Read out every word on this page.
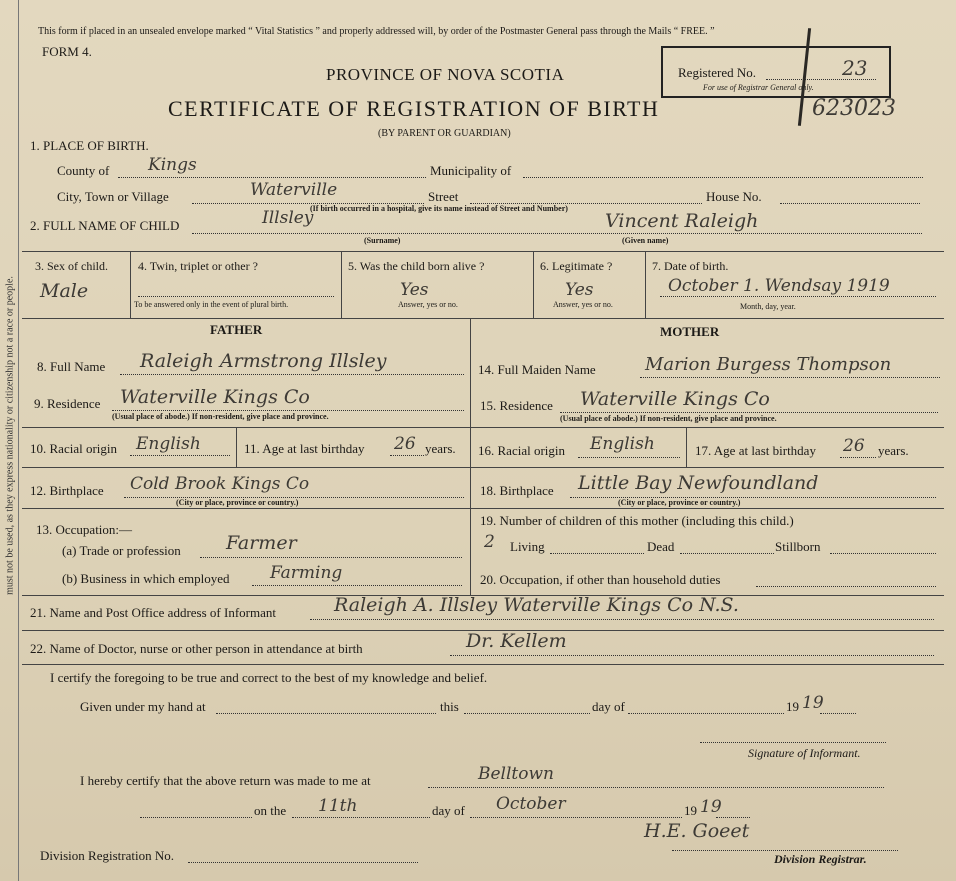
must not be used, as they express nationality or citizenship not a race or people.
This form if placed in an unsealed envelope marked “ Vital Statistics ” and properly addressed will, by order of the Postmaster General pass through the Mails “ FREE. ”
FORM 4.
PROVINCE OF NOVA SCOTIA
CERTIFICATE OF REGISTRATION OF BIRTH
(BY PARENT OR GUARDIAN)
Registered No.	23
For use of Registrar General only.
623023
1. PLACE OF BIRTH.
County of Kings	Municipality of
City, Town or Village	Waterville	Street	House No.
(If birth occurred in a hospital, give its name instead of Street and Number)
2. FULL NAME OF CHILD	Illsley	Vincent Raleigh
(Surname)	(Given name)
3. Sex of child.
Male
4. Twin, triplet or other ?
To be answered only in the event of plural birth.
5. Was the child born alive ?
Yes
Answer, yes or no.
6. Legitimate ?
Yes
Answer, yes or no.
7. Date of birth.
October 1. Wendsay 1919
Month, day, year.
FATHER	MOTHER
8. Full Name Raleigh Armstrong Illsley
9. Residence Waterville Kings Co
(Usual place of abode.) If non-resident, give place and province.
10. Racial origin English	11. Age at last birthday 26 years.
12. Birthplace Cold Brook Kings Co
(City or place, province or country.)
13. Occupation:—
(a) Trade or profession Farmer
(b) Business in which employed Farming
14. Full Maiden Name	Marion Burgess Thompson
15. Residence Waterville Kings Co
(Usual place of abode.) If non-resident, give place and province.
16. Racial origin English	17. Age at last birthday 26 years.
18. Birthplace Little Bay Newfoundland
(City or place, province or country.)
19. Number of children of this mother (including this child.)
2 Living	Dead	Stillborn
20. Occupation, if other than household duties
21. Name and Post Office address of Informant	Raleigh A. Illsley Waterville Kings Co N.S.
22. Name of Doctor, nurse or other person in attendance at birth	Dr. Kellem
I certify the foregoing to be true and correct to the best of my knowledge and belief.
Given under my hand at	this	day of	19 19
Signature of Informant.
I hereby certify that the above return was made to me at	Belltown
on the 11th	day of October	19 19
H.E. Goeet
Division Registration No.	Division Registrar.
